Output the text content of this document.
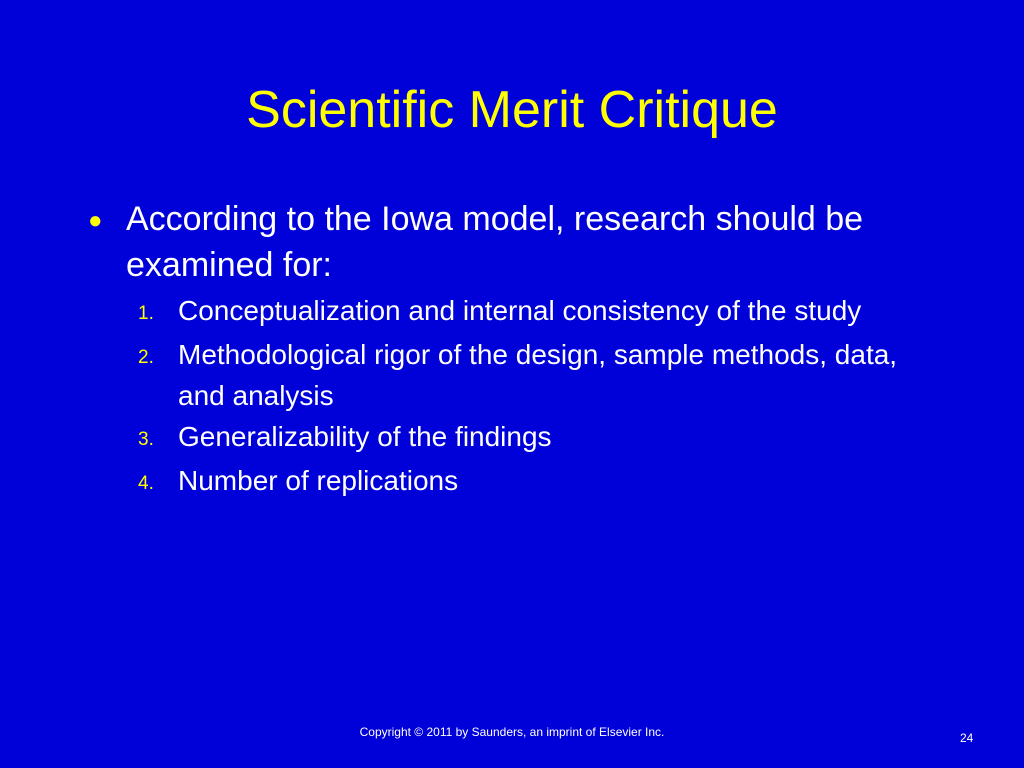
Scientific Merit Critique
● According to the Iowa model, research should be examined for:
1. Conceptualization and internal consistency of the study
2. Methodological rigor of the design, sample methods, data, and analysis
3. Generalizability of the findings
4. Number of replications
Copyright © 2011 by Saunders, an imprint of Elsevier Inc.	24
